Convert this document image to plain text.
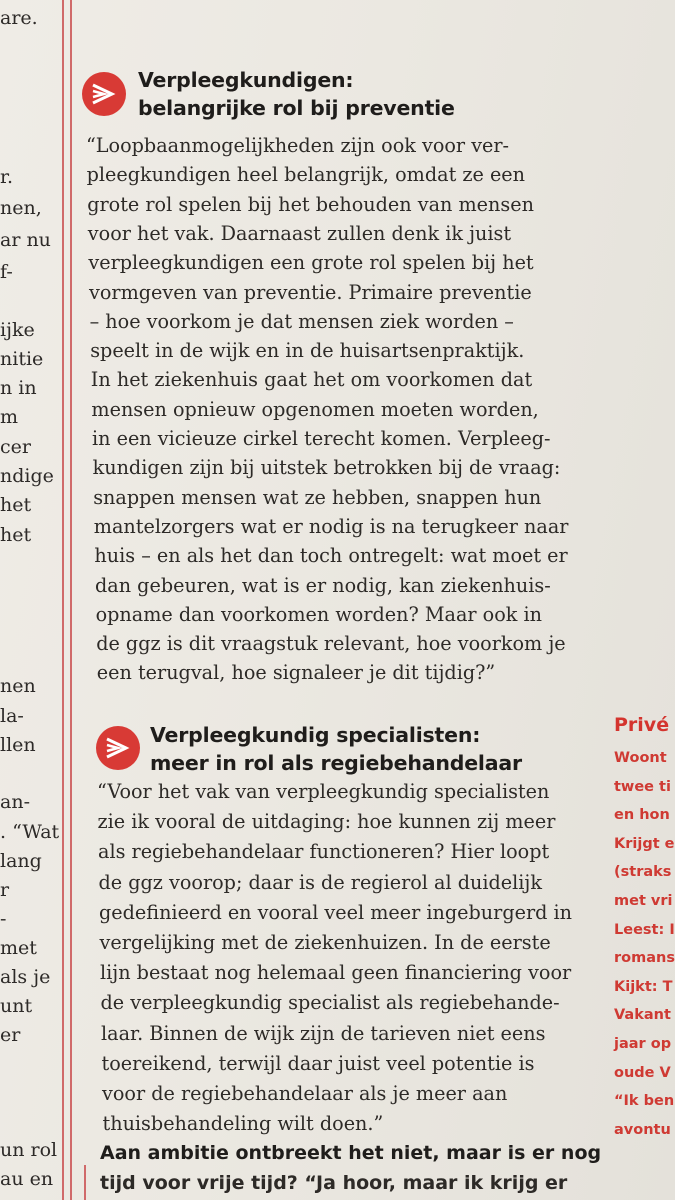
are.
r.
nen,
ar nu
f-
ijke
nitie
n in
m
cer
ndige
het
het
nen
la-
llen
an-
. “Wat
lang
r
-
met
als je
unt
er
un rol
au en
Verpleegkundigen:
belangrijke rol bij preventie
“Loopbaanmogelijkheden zijn ook voor ver-
pleegkundigen heel belangrijk, omdat ze een
grote rol spelen bij het behouden van mensen
voor het vak. Daarnaast zullen denk ik juist
verpleegkundigen een grote rol spelen bij het
vormgeven van preventie. Primaire preventie
– hoe voorkom je dat mensen ziek worden –
speelt in de wijk en in de huisartsenpraktijk.
In het ziekenhuis gaat het om voorkomen dat
mensen opnieuw opgenomen moeten worden,
in een vicieuze cirkel terecht komen. Verpleeg-
kundigen zijn bij uitstek betrokken bij de vraag:
snappen mensen wat ze hebben, snappen hun
mantelzorgers wat er nodig is na terugkeer naar
huis – en als het dan toch ontregelt: wat moet er
dan gebeuren, wat is er nodig, kan ziekenhuis-
opname dan voorkomen worden? Maar ook in
de ggz is dit vraagstuk relevant, hoe voorkom je
een terugval, hoe signaleer je dit tijdig?”
Verpleegkundig specialisten:
meer in rol als regiebehandelaar
“Voor het vak van verpleegkundig specialisten
zie ik vooral de uitdaging: hoe kunnen zij meer
als regiebehandelaar functioneren? Hier loopt
de ggz voorop; daar is de regierol al duidelijk
gedefinieerd en vooral veel meer ingeburgerd in
vergelijking met de ziekenhuizen. In de eerste
lijn bestaat nog helemaal geen financiering voor
de verpleegkundig specialist als regiebehande-
laar. Binnen de wijk zijn de tarieven niet eens
toereikend, terwijl daar juist veel potentie is
voor de regiebehandelaar als je meer aan
thuisbehandeling wilt doen.”
Aan ambitie ontbreekt het niet, maar is er nog
tijd voor vrije tijd? “Ja hoor, maar ik krijg er
Privé
Woont
twee ti
en hon
Krijgt e
(straks
met vri
Leest: I
romans
Kijkt: T
Vakant
jaar op
oude V
“Ik ben
avontu
